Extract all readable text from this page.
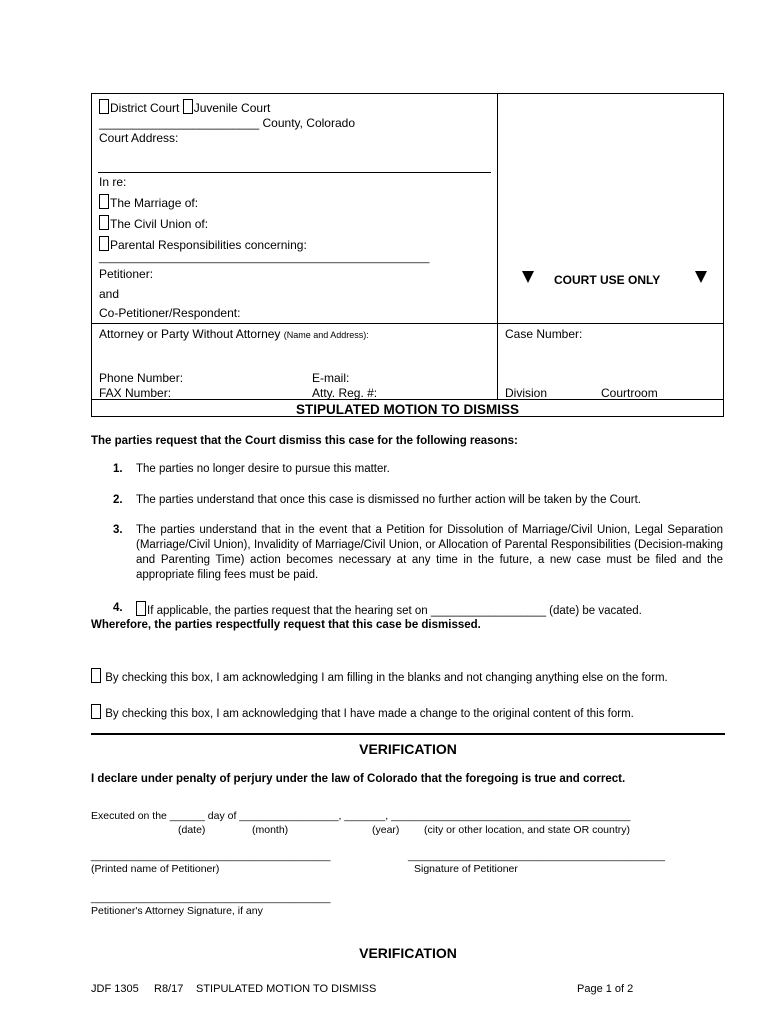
District Court Juvenile Court
________________________ County, Colorado
Court Address:
In re:
The Marriage of:
The Civil Union of:
Parental Responsibilities concerning:
______________________________________________________
Petitioner:
and
Co-Petitioner/Respondent:
Attorney or Party Without Attorney (Name and Address):
Phone Number:	E-mail:
FAX Number:	Atty. Reg. #:
COURT USE ONLY
Case Number:
Division	Courtroom
STIPULATED MOTION TO DISMISS
The parties request that the Court dismiss this case for the following reasons:
1. The parties no longer desire to pursue this matter.
2. The parties understand that once this case is dismissed no further action will be taken by the Court.
3. The parties understand that in the event that a Petition for Dissolution of Marriage/Civil Union, Legal Separation (Marriage/Civil Union), Invalidity of Marriage/Civil Union, or Allocation of Parental Responsibilities (Decision-making and Parenting Time) action becomes necessary at any time in the future, a new case must be filed and the appropriate filing fees must be paid.
4.	If applicable, the parties request that the hearing set on __________________ (date) be vacated.
Wherefore, the parties respectfully request that this case be dismissed.
By checking this box, I am acknowledging I am filling in the blanks and not changing anything else on the form.
By checking this box, I am acknowledging that I have made a change to the original content of this form.
VERIFICATION
I declare under penalty of perjury under the law of Colorado that the foregoing is true and correct.
Executed on the ______ day of _________________, _______, _________________________________________
(date)	(month)	(year) (city or other location, and state OR country)
_________________________________________	____________________________________________
(Printed name of Petitioner)	Signature of Petitioner
_________________________________________
Petitioner's Attorney Signature, if any
VERIFICATION
JDF 1305 R8/17 STIPULATED MOTION TO DISMISS	Page 1 of 2
